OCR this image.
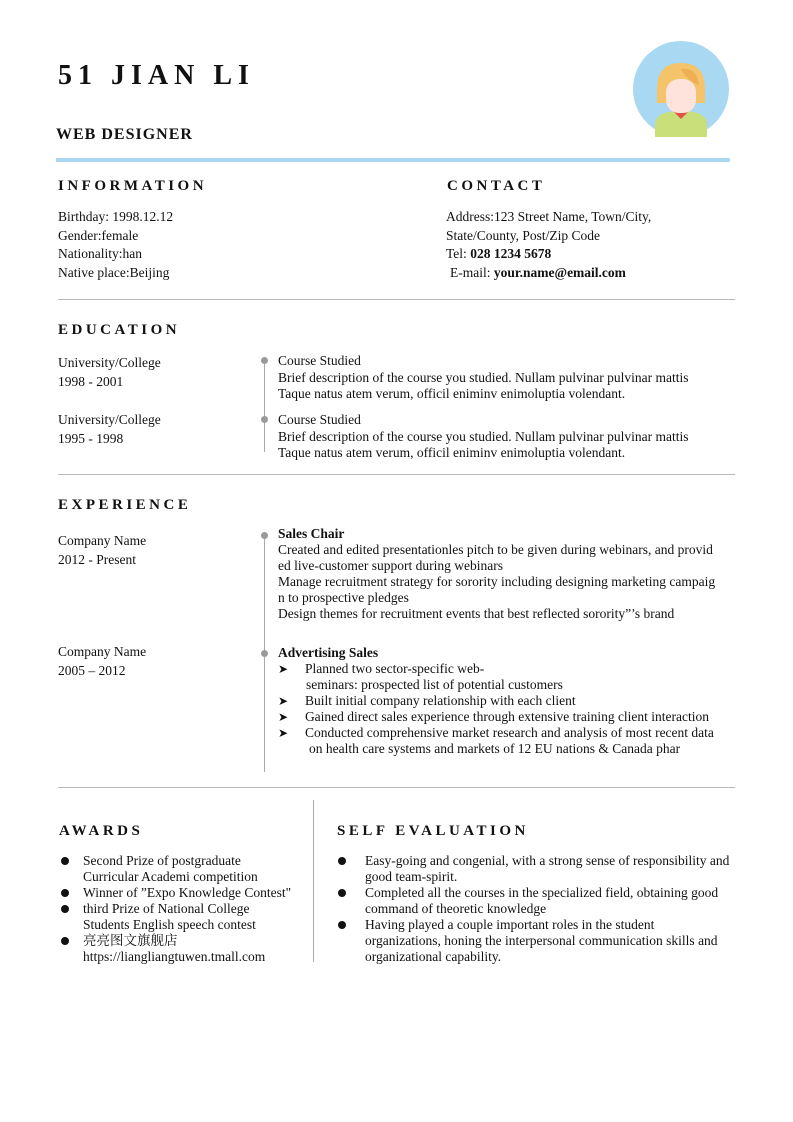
51 JIAN LI
WEB DESIGNER
INFORMATION
Birthday: 1998.12.12
Gender:female
Nationality:han
Native place:Beijing
CONTACT
Address:123 Street Name, Town/City,
State/County, Post/Zip Code
Tel: 028 1234 5678
E-mail: your.name@email.com
EDUCATION
University/College
1998 - 2001
Course Studied
Brief description of the course you studied. Nullam pulvinar pulvinar mattis
Taque natus atem verum, officil eniminv enimoluptia volendant.
University/College
1995 - 1998
Course Studied
Brief description of the course you studied. Nullam pulvinar pulvinar mattis
Taque natus atem verum, officil eniminv enimoluptia volendant.
EXPERIENCE
Company Name
2012 - Present
Sales Chair
Created and edited presentationles pitch to be given during webinars, and provid
ed live-customer support during webinars
Manage recruitment strategy for sorority including designing marketing campaig
n to prospective pledges
Design themes for recruitment events that best reflected sorority”’s brand
Company Name
2005 – 2012
Advertising Sales
➤ Planned two sector-specific web-
seminars: prospected list of potential customers
➤ Built initial company relationship with each client
➤ Gained direct sales experience through extensive training client interaction
➤ Conducted comprehensive market research and analysis of most recent data
on health care systems and markets of 12 EU nations & Canada phar
AWARDS
Second Prize of postgraduate
Curricular Academi competition
Winner of ”Expo Knowledge Contest"
third Prize of National College
Students English speech contest
亮亮图文旗舰店
https://liangliangtuwen.tmall.com
SELF EVALUATION
Easy-going and congenial, with a strong sense of responsibility and
good team-spirit.
Completed all the courses in the specialized field, obtaining good
command of theoretic knowledge
Having played a couple important roles in the student
organizations, honing the interpersonal communication skills and
organizational capability.
